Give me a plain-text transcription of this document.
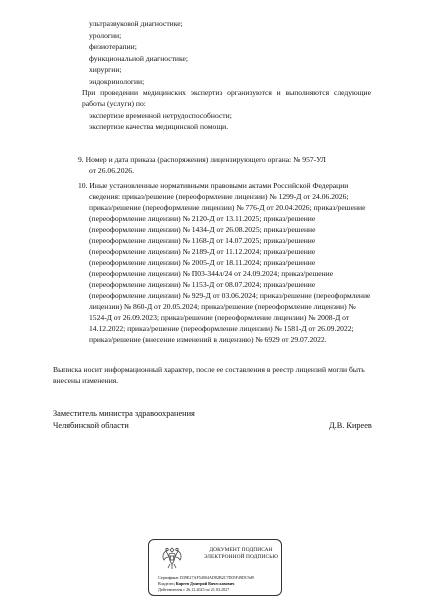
ультразвуковой диагностике;
урологии;
физиотерапии;
функциональной диагностике;
хирургии;
эндокринологии;
При проведении медицинских экспертиз организуются и выполняются следующие
работы (услуги) по:
экспертизе временной нетрудоспособности;
экспертизе качества медицинской помощи.
9. Номер и дата приказа (распоряжения) лицензирующего органа: № 957-УЛ
от 26.06.2026.
10. Иные установленные нормативными правовыми актами Российской Федерации
сведения: приказ/решение (переоформление лицензии) № 1299-Д от 24.06.2026;
приказ/решение (переоформление лицензии) № 776-Д от 20.04.2026; приказ/решение
(переоформление лицензии) № 2120-Д от 13.11.2025; приказ/решение
(переоформление лицензии) № 1434-Д от 26.08.2025; приказ/решение
(переоформление лицензии) № 1168-Д от 14.07.2025; приказ/решение
(переоформление лицензии) № 2189-Д от 11.12.2024; приказ/решение
(переоформление лицензии) № 2005-Д от 18.11.2024; приказ/решение
(переоформление лицензии) № П03-344л/24 от 24.09.2024; приказ/решение
(переоформление лицензии) № 1153-Д от 08.07.2024; приказ/решение
(переоформление лицензии) № 929-Д от 03.06.2024; приказ/решение (переоформление
лицензии) № 860-Д от 20.05.2024; приказ/решение (переоформление лицензии) №
1524-Д от 26.09.2023; приказ/решение (переоформление лицензии) № 2008-Д от
14.12.2022; приказ/решение (переоформление лицензии) № 1581-Д от 26.09.2022;
приказ/решение (внесение изменений в лицензию) № 6929 от 29.07.2022.
Выписка носит информационный характер, после ее составления в реестр лицензий могли быть
внесены изменения.
Заместитель министра здравоохранения
Челябинской области	Д.В. Киреев
ДОКУМЕНТ ПОДПИСАН
ЭЛЕКТРОННОЙ ПОДПИСЬЮ
Сертификат D39E27AF54004AD82B2C7D05F49DC9d9
Владелец Киреев Дмитрий Вячеславович
Действителен с 26.12.2025 по 21.03.2027
